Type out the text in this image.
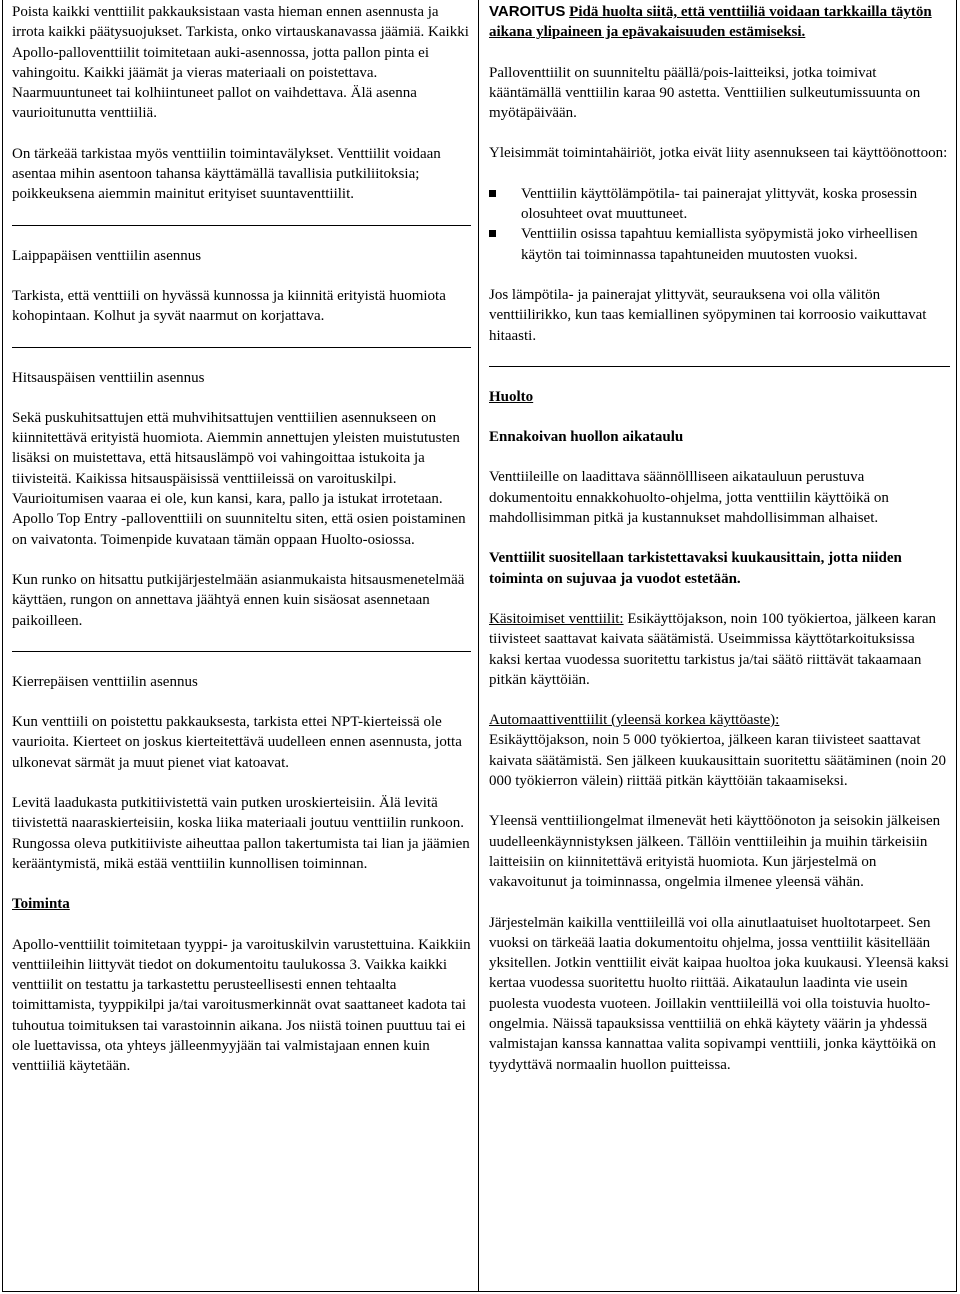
Poista kaikki venttiilit pakkauksistaan vasta hieman ennen asennusta ja irrota kaikki päätysuojukset. Tarkista, onko virtauskanavassa jäämiä. Kaikki Apollo-palloventtiilit toimitetaan auki-asennossa, jotta pallon pinta ei vahingoitu. Kaikki jäämät ja vieras materiaali on poistettava. Naarmuuntuneet tai kolhiintuneet pallot on vaihdettava. Älä asenna vaurioitunutta venttiiliä.

On tärkeää tarkistaa myös venttiilin toimintavälykset. Venttiilit voidaan asentaa mihin asentoon tahansa käyttämällä tavallisia putkiliitoksia; poikkeuksena aiemmin mainitut erityiset suuntaventtiilit.

Laippapäisen venttiilin asennus

Tarkista, että venttiili on hyvässä kunnossa ja kiinnitä erityistä huomiota kohopintaan. Kolhut ja syvät naarmut on korjattava.

Hitsauspäisen venttiilin asennus

Sekä puskuhitsattujen että muhvihitsattujen venttiilien asennukseen on kiinnitettävä erityistä huomiota. Aiemmin annettujen yleisten muistutusten lisäksi on muistettava, että hitsauslämpö voi vahingoittaa istukoita ja tiivisteitä. Kaikissa hitsauspäisissä venttiileissä on varoituskilpi. Vaurioitumisen vaaraa ei ole, kun kansi, kara, pallo ja istukat irrotetaan. Apollo Top Entry -palloventtiili on suunniteltu siten, että osien poistaminen on vaivatonta. Toimenpide kuvataan tämän oppaan Huolto-osiossa.

Kun runko on hitsattu putkijärjestelmään asianmukaista hitsausmenetelmää käyttäen, rungon on annettava jäähtyä ennen kuin sisäosat asennetaan paikoilleen.

Kierrepäisen venttiilin asennus

Kun venttiili on poistettu pakkauksesta, tarkista ettei NPT-kierteissä ole vaurioita. Kierteet on joskus kierteitettävä uudelleen ennen asennusta, jotta ulkonevat särmät ja muut pienet viat katoavat.

Levitä laadukasta putkitiivistettä vain putken uroskierteisiin. Älä levitä tiivistettä naaraskierteisiin, koska liika materiaali joutuu venttiilin runkoon. Rungossa oleva putkitiiviste aiheuttaa pallon takertumista tai lian ja jäämien kerääntymistä, mikä estää venttiilin kunnollisen toiminnan.

Toiminta

Apollo-venttiilit toimitetaan tyyppi- ja varoituskilvin varustettuina. Kaikkiin venttiileihin liittyvät tiedot on dokumentoitu taulukossa 3. Vaikka kaikki venttiilit on testattu ja tarkastettu perusteellisesti ennen tehtaalta toimittamista, tyyppikilpi ja/tai varoitusmerkinnät ovat saattaneet kadota tai tuhoutua toimituksen tai varastoinnin aikana. Jos niistä toinen puuttuu tai ei ole luettavissa, ota yhteys jälleenmyyjään tai valmistajaan ennen kuin venttiiliä käytetään.

VAROITUS Pidä huolta siitä, että venttiiliä voidaan tarkkailla täytön aikana ylipaineen ja epävakaisuuden estämiseksi.

Palloventtiilit on suunniteltu päällä/pois-laitteiksi, jotka toimivat kääntämällä venttiilin karaa 90 astetta. Venttiilien sulkeutumissuunta on myötäpäivään.

Yleisimmät toimintahäiriöt, jotka eivät liity asennukseen tai käyttöönottoon:

Venttiilin käyttölämpötila- tai painerajat ylittyvät, koska prosessin olosuhteet ovat muuttuneet.
Venttiilin osissa tapahtuu kemiallista syöpymistä joko virheellisen käytön tai toiminnassa tapahtuneiden muutosten vuoksi.

Jos lämpötila- ja painerajat ylittyvät, seurauksena voi olla välitön venttiilirikko, kun taas kemiallinen syöpyminen tai korroosio vaikuttavat hitaasti.

Huolto

Ennakoivan huollon aikataulu

Venttiileille on laadittava säännöllliseen aikatauluun perustuva dokumentoitu ennakkohuolto-ohjelma, jotta venttiilin käyttöikä on mahdollisimman pitkä ja kustannukset mahdollisimman alhaiset.

Venttiilit suositellaan tarkistettavaksi kuukausittain, jotta niiden toiminta on sujuvaa ja vuodot estetään.

Käsitoimiset venttiilit: Esikäyttöjakson, noin 100 työkiertoa, jälkeen karan tiivisteet saattavat kaivata säätämistä. Useimmissa käyttötarkoituksissa kaksi kertaa vuodessa suoritettu tarkistus ja/tai säätö riittävät takaamaan pitkän käyttöiän.

Automaattiventtiilit (yleensä korkea käyttöaste):
Esikäyttöjakson, noin 5 000 työkiertoa, jälkeen karan tiivisteet saattavat kaivata säätämistä. Sen jälkeen kuukausittain suoritettu säätäminen (noin 20 000 työkierron välein) riittää pitkän käyttöiän takaamiseksi.

Yleensä venttiiliongelmat ilmenevät heti käyttöönoton ja seisokin jälkeisen uudelleenkäynnistyksen jälkeen. Tällöin venttiileihin ja muihin tärkeisiin laitteisiin on kiinnitettävä erityistä huomiota. Kun järjestelmä on vakavoitunut ja toiminnassa, ongelmia ilmenee yleensä vähän.

Järjestelmän kaikilla venttiileillä voi olla ainutlaatuiset huoltotarpeet. Sen vuoksi on tärkeää laatia dokumentoitu ohjelma, jossa venttiilit käsitellään yksitellen. Jotkin venttiilit eivät kaipaa huoltoa joka kuukausi. Yleensä kaksi kertaa vuodessa suoritettu huolto riittää. Aikataulun laadinta vie usein puolesta vuodesta vuoteen. Joillakin venttiileillä voi olla toistuvia huolto-ongelmia. Näissä tapauksissa venttiiliä on ehkä käytety väärin ja yhdessä valmistajan kanssa kannattaa valita sopivampi venttiili, jonka käyttöikä on tyydyttävä normaalin huollon puitteissa.
